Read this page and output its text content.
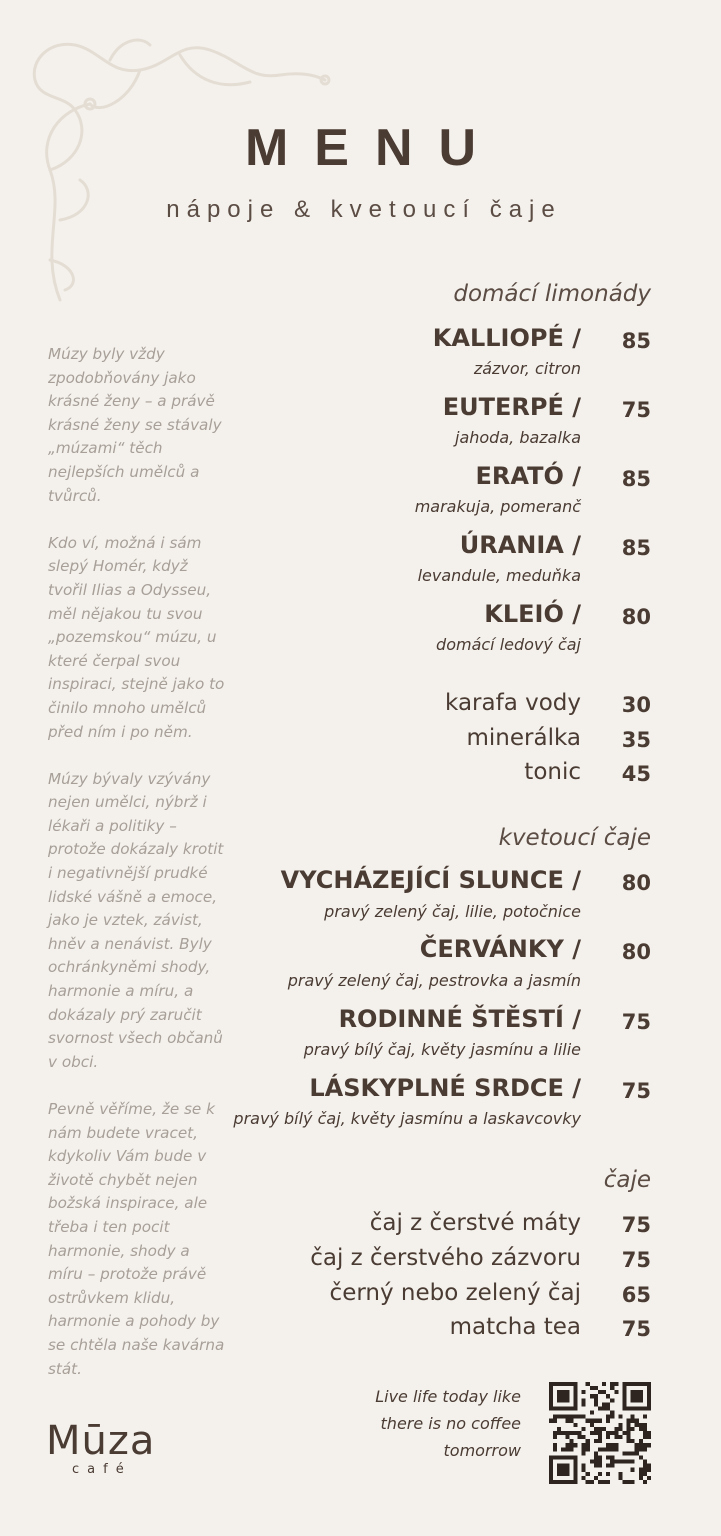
MENU
nápoje & kvetoucí čaje

Múzy byly vždy zpodobňovány jako krásné ženy – a právě krásné ženy se stávaly „múzami“ těch nejlepších umělců a tvůrců.

Kdo ví, možná i sám slepý Homér, když tvořil Ilias a Odysseu, měl nějakou tu svou „pozemskou“ múzu, u které čerpal svou inspiraci, stejně jako to činilo mnoho umělců před ním i po něm.

Múzy bývaly vzývány nejen umělci, nýbrž i lékaři a politiky – protože dokázaly krotit i negativnější prudké lidské vášně a emoce, jako je vztek, závist, hněv a nenávist. Byly ochránkyněmi shody, harmonie a míru, a dokázaly prý zaručit svornost všech občanů v obci.

Pevně věříme, že se k nám budete vracet, kdykoliv Vám bude v životě chybět nejen božská inspirace, ale třeba i ten pocit harmonie, shody a míru – protože právě ostrůvkem klidu, harmonie a pohody by se chtěla naše kavárna stát.

domácí limonády
KALLIOPÉ /	85
zázvor, citron
EUTERPÉ /	75
jahoda, bazalka
ERATÓ /	85
marakuja, pomeranč
ÚRANIA /	85
levandule, meduňka
KLEIÓ /	80
domácí ledový čaj
karafa vody	30
minerálka	35
tonic	45
kvetoucí čaje
VYCHÁZEJÍCÍ SLUNCE /	80
pravý zelený čaj, lilie, potočnice
ČERVÁNKY /	80
pravý zelený čaj, pestrovka a jasmín
RODINNÉ ŠTĚSTÍ /	75
pravý bílý čaj, květy jasmínu a lilie
LÁSKYPLNÉ SRDCE /	75
pravý bílý čaj, květy jasmínu a laskavcovky
čaje
čaj z čerstvé máty	75
čaj z čerstvého zázvoru	75
černý nebo zelený čaj	65
matcha tea	75
Live life today like
there is no coffee
tomorrow
Mūza
café
